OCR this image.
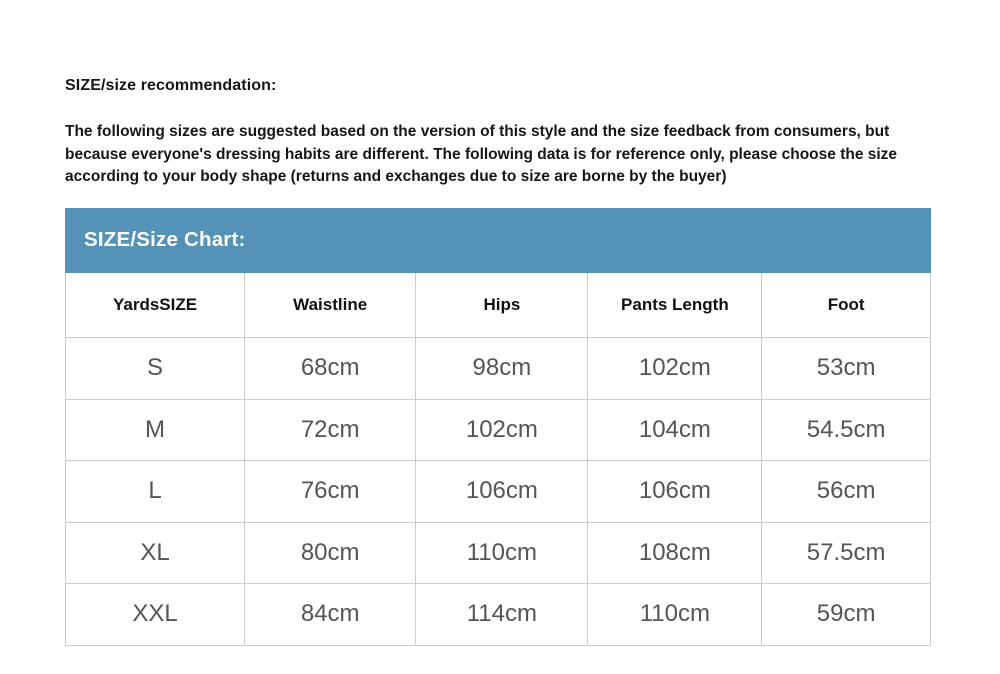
SIZE/size recommendation:

The following sizes are suggested based on the version of this style and the size feedback from consumers, but because everyone's dressing habits are different. The following data is for reference only, please choose the size according to your body shape (returns and exchanges due to size are borne by the buyer)

SIZE/Size Chart:
YardsSIZE	Waistline	Hips	Pants Length	Foot
S	68cm	98cm	102cm	53cm
M	72cm	102cm	104cm	54.5cm
L	76cm	106cm	106cm	56cm
XL	80cm	110cm	108cm	57.5cm
XXL	84cm	114cm	110cm	59cm
